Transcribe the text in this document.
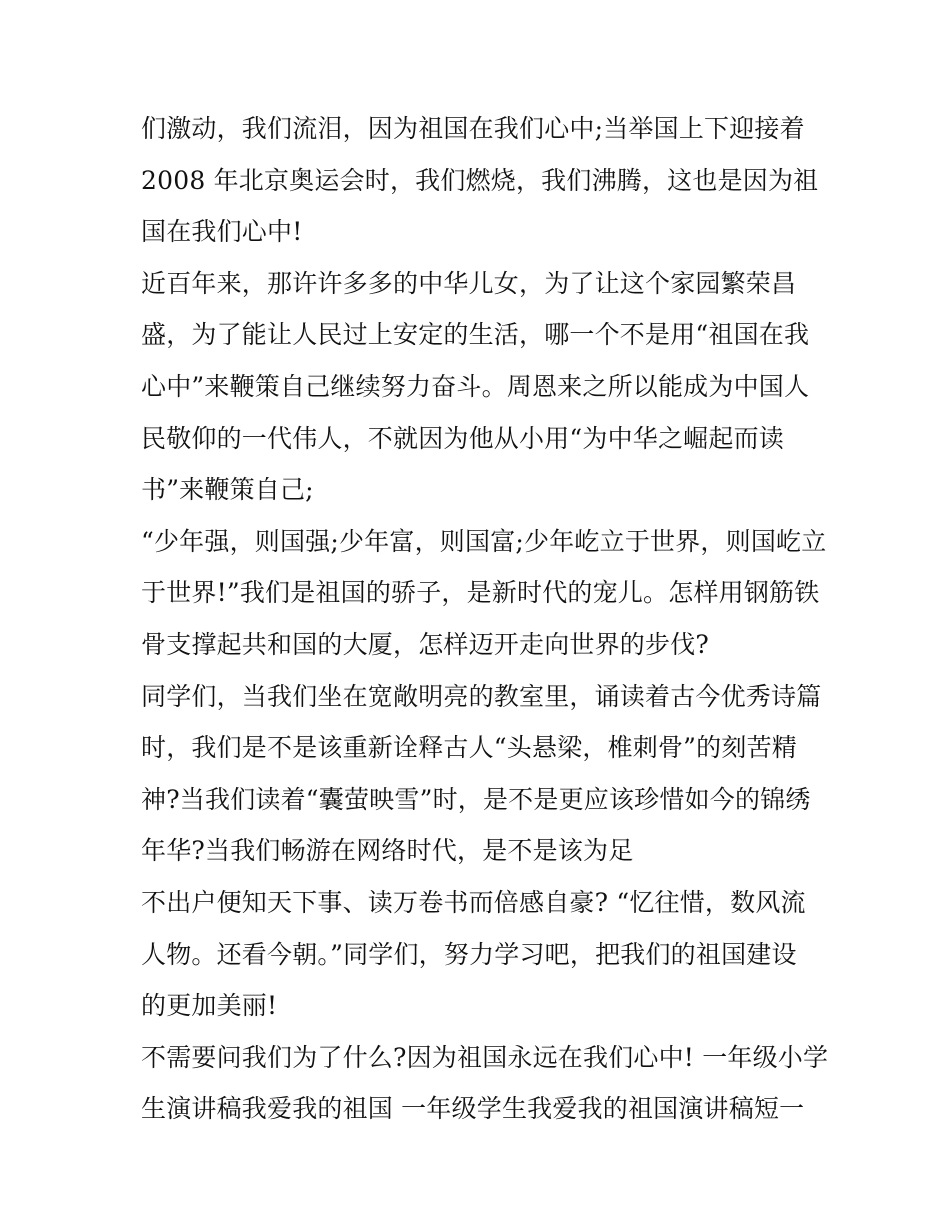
们激动，我们流泪，因为祖国在我们心中;当举国上下迎接着
2008 年北京奥运会时，我们燃烧，我们沸腾，这也是因为祖
国在我们心中!
近百年来，那许许多多的中华儿女，为了让这个家园繁荣昌
盛，为了能让人民过上安定的生活，哪一个不是用“祖国在我
心中”来鞭策自己继续努力奋斗。周恩来之所以能成为中国人
民敬仰的一代伟人，不就因为他从小用“为中华之崛起而读
书”来鞭策自己;
“少年强，则国强;少年富，则国富;少年屹立于世界，则国屹立
于世界!”我们是祖国的骄子，是新时代的宠儿。怎样用钢筋铁
骨支撑起共和国的大厦，怎样迈开走向世界的步伐?
同学们，当我们坐在宽敞明亮的教室里，诵读着古今优秀诗篇
时，我们是不是该重新诠释古人“头悬梁，椎刺骨”的刻苦精
神?当我们读着“囊萤映雪”时，是不是更应该珍惜如今的锦绣
年华?当我们畅游在网络时代，是不是该为足
不出户便知天下事、读万卷书而倍感自豪? “忆往惜，数风流
人物。还看今朝。”同学们，努力学习吧，把我们的祖国建设
的更加美丽!
不需要问我们为了什么?因为祖国永远在我们心中! 一年级小学
生演讲稿我爱我的祖国 一年级学生我爱我的祖国演讲稿短一
